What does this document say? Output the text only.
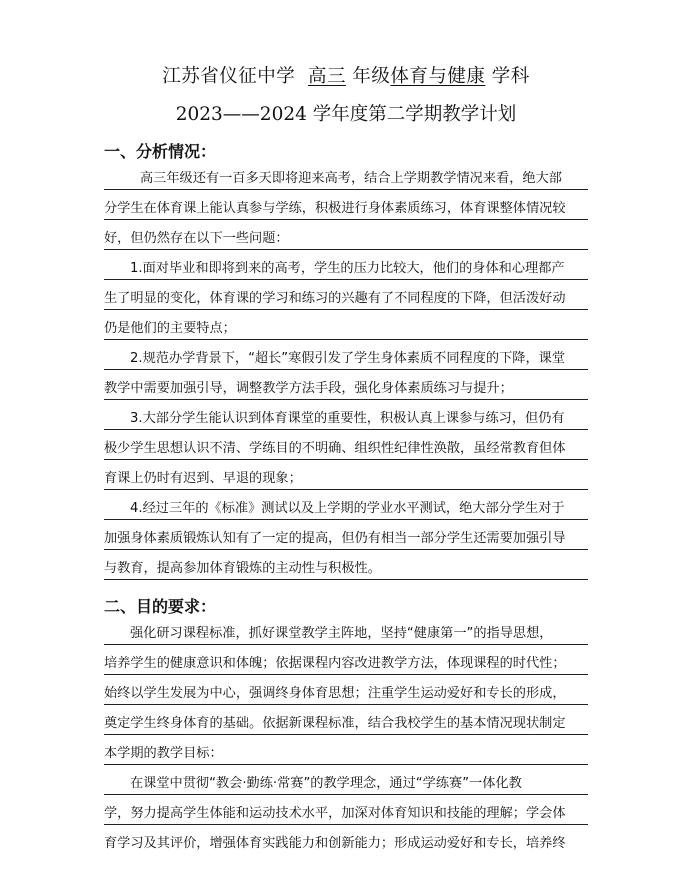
江苏省仪征中学 高三 年级体育与健康 学科
2023——2024 学年度第二学期教学计划
一、分析情况：
高三年级还有一百多天即将迎来高考，结合上学期教学情况来看，绝大部
分学生在体育课上能认真参与学练，积极进行身体素质练习，体育课整体情况较
好，但仍然存在以下一些问题：
1.面对毕业和即将到来的高考，学生的压力比较大，他们的身体和心理都产
生了明显的变化，体育课的学习和练习的兴趣有了不同程度的下降，但活泼好动
仍是他们的主要特点；
2.规范办学背景下，“超长”寒假引发了学生身体素质不同程度的下降，课堂
教学中需要加强引导，调整教学方法手段，强化身体素质练习与提升；
3.大部分学生能认识到体育课堂的重要性，积极认真上课参与练习，但仍有
极少学生思想认识不清、学练目的不明确、组织性纪律性涣散，虽经常教育但体
育课上仍时有迟到、早退的现象；
4.经过三年的《标准》测试以及上学期的学业水平测试，绝大部分学生对于
加强身体素质锻炼认知有了一定的提高，但仍有相当一部分学生还需要加强引导
与教育，提高参加体育锻炼的主动性与积极性。
二、目的要求：
强化研习课程标准，抓好课堂教学主阵地，坚持“健康第一”的指导思想，
培养学生的健康意识和体魄；依据课程内容改进教学方法，体现课程的时代性；
始终以学生发展为中心，强调终身体育思想；注重学生运动爱好和专长的形成，
奠定学生终身体育的基础。依据新课程标准，结合我校学生的基本情况现状制定
本学期的教学目标：
在课堂中贯彻“教会·勤练·常赛”的教学理念，通过“学练赛”一体化教
学，努力提高学生体能和运动技术水平，加深对体育知识和技能的理解；学会体
育学习及其评价，增强体育实践能力和创新能力；形成运动爱好和专长，培养终
